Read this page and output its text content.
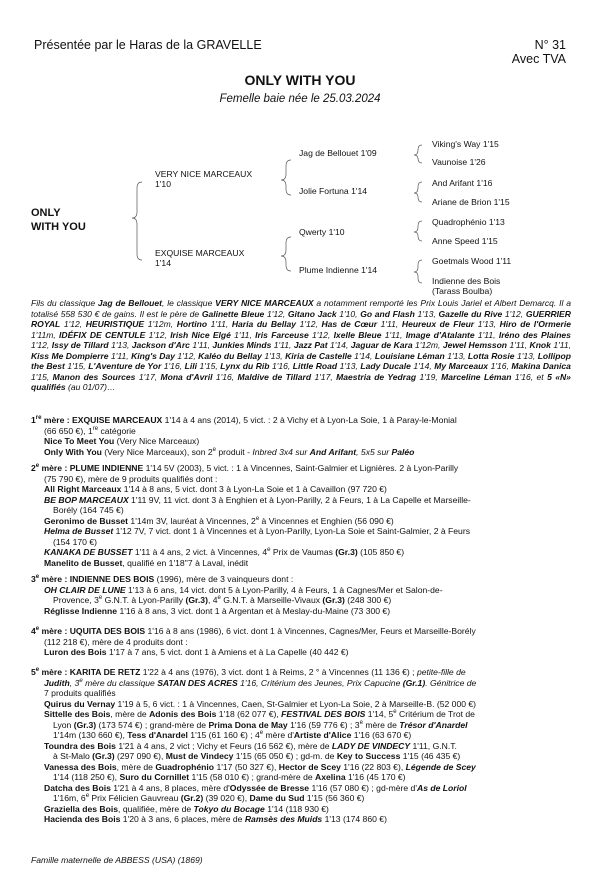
Présentée par le Haras de la GRAVELLE	N° 31
Avec TVA
ONLY WITH YOU
Femelle baie née le 25.03.2024
ONLY
WITH YOU
VERY NICE MARCEAUX
1'10
EXQUISE MARCEAUX
1'14
Jag de Bellouet 1'09
Jolie Fortuna 1'14
Qwerty 1'10
Plume Indienne 1'14
Viking's Way 1'15
Vaunoise 1'26
And Arifant 1'16
Ariane de Brion 1'15
Quadrophénio 1'13
Anne Speed 1'15
Goetmals Wood 1'11
Indienne des Bois
(Tarass Boulba)
Fils du classique Jag de Bellouet, le classique VERY NICE MARCEAUX a notamment remporté les Prix Louis Jariel et Albert Demarcq. Il a totalisé 558 530 € de gains. Il est le père de Galinette Bleue 1'12, Gitano Jack 1'10, Go and Flash 1'13, Gazelle du Rive 1'12, GUERRIER ROYAL 1'12, HEURISTIQUE 1'12m, Hortino 1'11, Haria du Bellay 1'12, Has de Cœur 1'11, Heureux de Fleur 1'13, Hiro de l'Ormerie 1'11m, IDÉFIX DE CENTULE 1'12, Irish Nice Elgé 1'11, Iris Farceuse 1'12, Ixelle Bleue 1'11, Image d'Atalante 1'11, Iréno des Plaines 1'12, Issy de Tillard 1'13, Jackson d'Arc 1'11, Junkies Minds 1'11, Jazz Pat 1'14, Jaguar de Kara 1'12m, Jewel Hemsson 1'11, Knok 1'11, Kiss Me Dompierre 1'11, King's Day 1'12, Kaléo du Bellay 1'13, Kiria de Castelle 1'14, Louisiane Léman 1'13, Lotta Rosie 1'13, Lollipop the Best 1'15, L'Aventure de Yor 1'16, Lili 1'15, Lynx du Rib 1'16, Little Road 1'13, Lady Ducale 1'14, My Marceaux 1'16, Makina Danica 1'15, Manon des Sources 1'17, Mona d'Avril 1'16, Maldive de Tillard 1'17, Maestria de Yedrag 1'19, Marceline Léman 1'16, et 5 «N» qualifiés (au 01/07)…
1re mère : EXQUISE MARCEAUX 1'14 à 4 ans (2014), 5 vict. : 2 à Vichy et à Lyon-La Soie, 1 à Paray-le-Monial
(66 650 €), 1re catégorie
Nice To Meet You (Very Nice Marceaux)
Only With You (Very Nice Marceaux), son 2e produit - Inbred 3x4 sur And Arifant, 5x5 sur Paléo
2e mère : PLUME INDIENNE 1'14 5V (2003), 5 vict. : 1 à Vincennes, Saint-Galmier et Lignières. 2 à Lyon-Parilly
(75 790 €), mère de 9 produits qualifiés dont :
All Right Marceaux 1'14 à 8 ans, 5 vict. dont 3 à Lyon-La Soie et 1 à Cavaillon (97 720 €)
BE BOP MARCEAUX 1'11 9V, 11 vict. dont 3 à Enghien et à Lyon-Parilly, 2 à Feurs, 1 à La Capelle et Marseille-
Borély (164 745 €)
Geronimo de Busset 1'14m 3V, lauréat à Vincennes, 2e à Vincennes et Enghien (56 090 €)
Helma de Busset 1'12 7V, 7 vict. dont 1 à Vincennes et à Lyon-Parilly, Lyon-La Soie et Saint-Galmier, 2 à Feurs
(154 170 €)
KANAKA DE BUSSET 1'11 à 4 ans, 2 vict. à Vincennes, 4e Prix de Vaumas (Gr.3) (105 850 €)
Manelito de Busset, qualifié en 1'18''7 à Laval, inédit
3e mère : INDIENNE DES BOIS (1996), mère de 3 vainqueurs dont :
OH CLAIR DE LUNE 1'13 à 6 ans, 14 vict. dont 5 à Lyon-Parilly, 4 à Feurs, 1 à Cagnes/Mer et Salon-de-
Provence, 3e G.N.T. à Lyon-Parilly (Gr.3), 4e G.N.T. à Marseille-Vivaux (Gr.3) (248 300 €)
Réglisse Indienne 1'16 à 8 ans, 3 vict. dont 1 à Argentan et à Meslay-du-Maine (73 300 €)
4e mère : UQUITA DES BOIS 1'16 à 8 ans (1986), 6 vict. dont 1 à Vincennes, Cagnes/Mer, Feurs et Marseille-Borély
(112 218 €), mère de 4 produits dont :
Luron des Bois 1'17 à 7 ans, 5 vict. dont 1 à Amiens et à La Capelle (40 442 €)
5e mère : KARITA DE RETZ 1'22 à 4 ans (1976), 3 vict. dont 1 à Reims, 2 ° à Vincennes (11 136 €) ; petite-fille de
Judith, 3e mère du classique SATAN DES ACRES 1'16, Critérium des Jeunes, Prix Capucine (Gr.1). Génitrice de
7 produits qualifiés
Quirus du Vernay 1'19 à 5, 6 vict. : 1 à Vincennes, Caen, St-Galmier et Lyon-La Soie, 2 à Marseille-B. (52 000 €)
Sittelle des Bois, mère de Adonis des Bois 1'18 (62 077 €), FESTIVAL DES BOIS 1'14, 5e Critérium de Trot de
Lyon (Gr.3) (173 574 €) ; grand-mère de Prima Dona de May 1'16 (59 776 €) ; 3e mère de Trésor d'Anardel
1'14m (130 660 €), Tess d'Anardel 1'15 (61 160 €) ; 4e mère d'Artiste d'Alice 1'16 (63 670 €)
Toundra des Bois 1'21 à 4 ans, 2 vict ; Vichy et Feurs (16 562 €), mère de LADY DE VINDECY 1'11, G.N.T.
à St-Malo (Gr.3) (297 090 €), Must de Vindecy 1'15 (65 050 €) ; gd-m. de Key to Success 1'15 (46 435 €)
Vanessa des Bois, mère de Guadrophénio 1'17 (50 327 €), Hector de Scey 1'16 (22 803 €), Légende de Scey
1'14 (118 250 €), Suro du Cornillet 1'15 (58 010 €) ; grand-mère de Axelina 1'16 (45 170 €)
Datcha des Bois 1'21 à 4 ans, 8 places, mère d'Odyssée de Bresse 1'16 (57 080 €) ; gd-mère d'As de Loriol
1'16m, 6e Prix Félicien Gauvreau (Gr.2) (39 020 €), Dame du Sud 1'15 (56 360 €)
Graziella des Bois, qualifiée, mère de Tokyo du Bocage 1'14 (118 930 €)
Hacienda des Bois 1'20 à 3 ans, 6 places, mère de Ramsès des Muids 1'13 (174 860 €)
Famille maternelle de ABBESS (USA) (1869)
